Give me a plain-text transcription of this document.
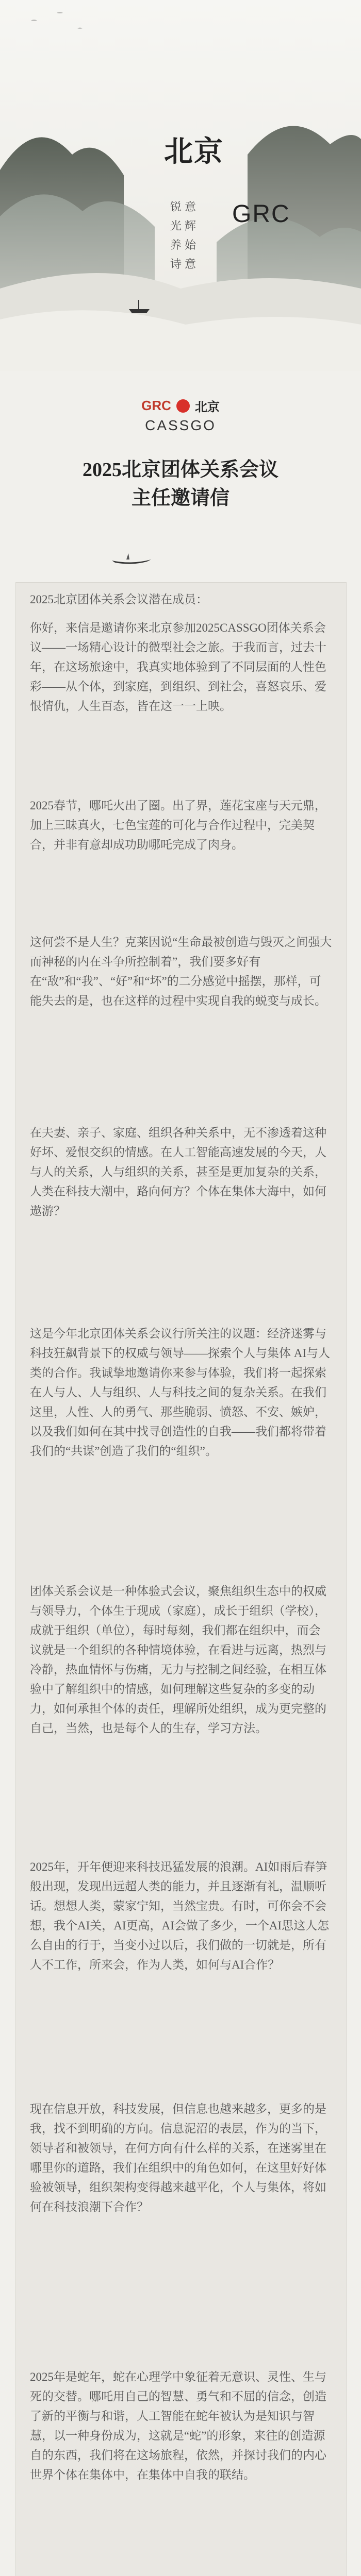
北京
锐意
光辉
养始
诗意
GRC
GRC 北京
CASSGO
2025北京团体关系会议
主任邀请信
2025北京团体关系会议潜在成员：
你好，来信是邀请你来北京参加2025CASSGO团体关系会议——一场精心设计的微型社会之旅。于我而言，过去十年，在这场旅途中，我真实地体验到了不同层面的人性色彩——从个体，到家庭，到组织、到社会，喜怒哀乐、爱恨情仇，人生百态，皆在这一一上映。
2025春节，哪吒火出了圈。出了界，莲花宝座与天元鼎，加上三昧真火，七色宝莲的可化与合作过程中，完美契合，并非有意却成功助哪吒完成了肉身。
这何尝不是人生？克莱因说“生命最被创造与毁灭之间强大而神秘的内在斗争所控制着”，我们要多好有在“敌”和“我”、“好”和“坏”的二分感觉中摇摆，那样，可能失去的是，也在这样的过程中实现自我的蜕变与成长。
在夫妻、亲子、家庭、组织各种关系中，无不渗透着这种好坏、爱恨交织的情感。在人工智能高速发展的今天，人与人的关系，人与组织的关系，甚至是更加复杂的关系，人类在科技大潮中，路向何方？个体在集体大海中，如何遨游？
这是今年北京团体关系会议行所关注的议题：经济迷雾与科技狂飙背景下的权威与领导——探索个人与集体 AI与人类的合作。我诚挚地邀请你来参与体验，我们将一起探索在人与人、人与组织、人与科技之间的复杂关系。在我们这里，人性、人的勇气、那些脆弱、愤怒、不安、嫉妒，以及我们如何在其中找寻创造性的自我——我们都将带着我们的“共谋”创造了我们的“组织”。
团体关系会议是一种体验式会议，聚焦组织生态中的权威与领导力，个体生于现成（家庭），成长于组织（学校），成就于组织（单位），每时每刻，我们都在组织中，而会议就是一个组织的各种情境体验，在看进与远离，热烈与冷静，热血情怀与伤痛，无力与控制之间经验，在相互体验中了解组织中的情感，如何理解这些复杂的多变的动力，如何承担个体的责任，理解所处组织，成为更完整的自己，当然，也是每个人的生存，学习方法。
2025年，开年便迎来科技迅猛发展的浪潮。AI如雨后春笋般出现，发现出远超人类的能力，并且逐渐有礼，温顺听话。想想人类，蒙家宁知，当然宝贵。有时，可你会不会想，我个AI关，AI更高，AI会做了多少，一个AI思这人怎么自由的行于，当变小过以后，我们做的一切就是，所有人不工作，所来会，作为人类，如何与AI合作？
现在信息开放，科技发展，但信息也越来越多，更多的是我，找不到明确的方向。信息泥沼的表层，作为的当下，领导者和被领导，在何方向有什么样的关系，在迷雾里在哪里你的道路，我们在组织中的角色如何，在这里好好体验被领导，组织架构变得越来越平化，个人与集体，将如何在科技浪潮下合作？
2025年是蛇年，蛇在心理学中象征着无意识、灵性、生与死的交替。哪吒用自己的智慧、勇气和不屈的信念，创造了新的平衡与和谐，人工智能在蛇年被认为是知识与智慧，以一种身份成为，这就是“蛇”的形象，来往的创造源自的东西，我们将在这场旅程，依然，并探讨我们的内心世界个体在集体中，在集体中自我的联结。
